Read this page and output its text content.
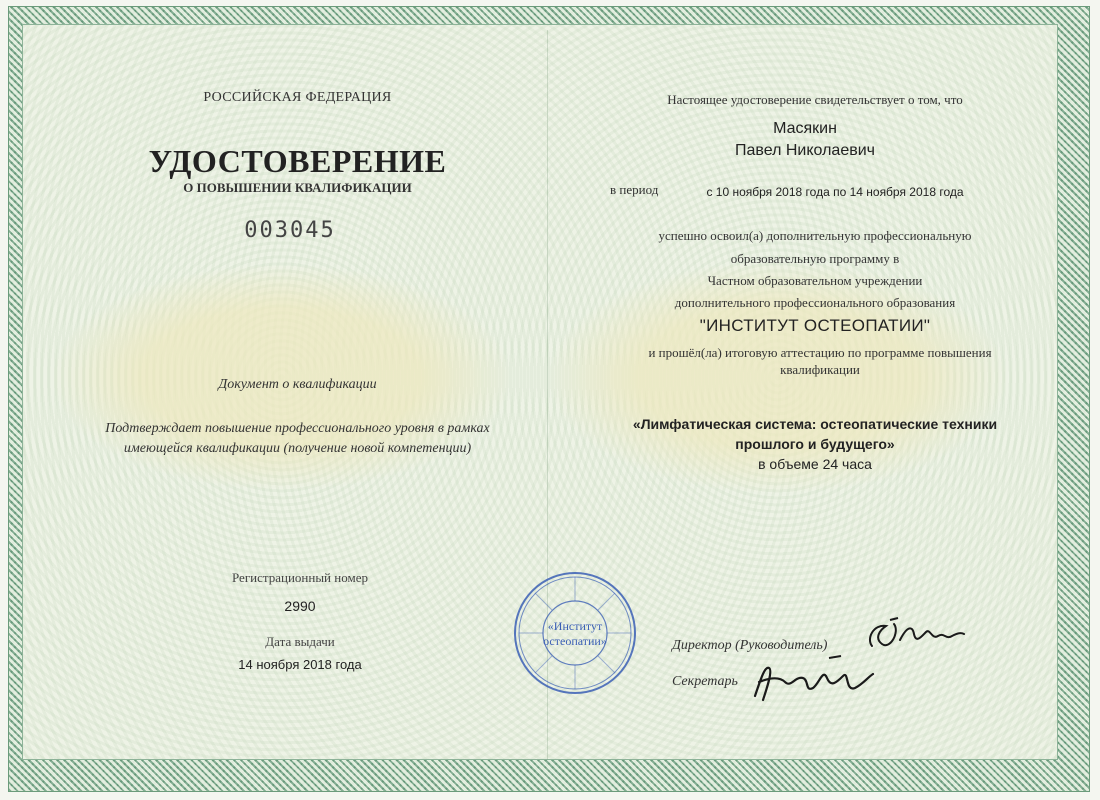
РОССИЙСКАЯ ФЕДЕРАЦИЯ
УДОСТОВЕРЕНИЕ
О ПОВЫШЕНИИ КВАЛИФИКАЦИИ
003045
Документ о квалификации
Подтверждает повышение профессионального уровня в рамках
имеющейся квалификации (получение новой компетенции)
Регистрационный номер
2990
Дата выдачи
14 ноября 2018 года
Настоящее удостоверение свидетельствует о том, что
Масякин
Павел Николаевич
в период	с 10 ноября 2018 года по 14 ноября 2018 года
успешно освоил(а) дополнительную профессиональную
образовательную программу в
Частном образовательном учреждении
дополнительного профессионального образования
"ИНСТИТУТ ОСТЕОПАТИИ"
и прошёл(ла) итоговую аттестацию по программе повышения
квалификации
«Лимфатическая система: остеопатические техники
прошлого и будущего»
в объеме 24 часа
Директор (Руководитель)
Секретарь
«Институт
остеопатии»
